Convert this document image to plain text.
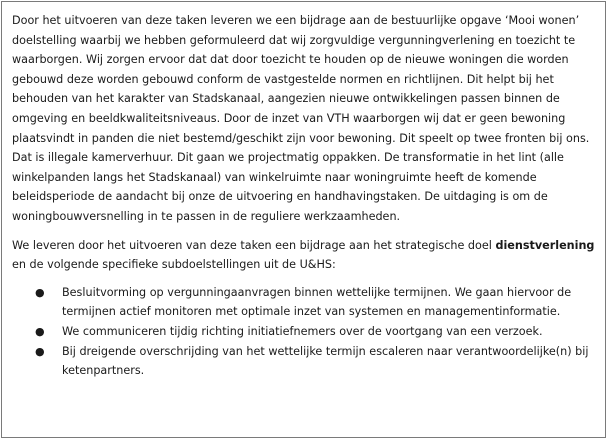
Door het uitvoeren van deze taken leveren we een bijdrage aan de bestuurlijke opgave ‘Mooi wonen’ doelstelling waarbij we hebben geformuleerd dat wij zorgvuldige vergunningverlening en toezicht te waarborgen. Wij zorgen ervoor dat dat door toezicht te houden op de nieuwe woningen die worden gebouwd deze worden gebouwd conform de vastgestelde normen en richtlijnen. Dit helpt bij het behouden van het karakter van Stadskanaal, aangezien nieuwe ontwikkelingen passen binnen de omgeving en beeldkwaliteitsniveaus. Door de inzet van VTH waarborgen wij dat er geen bewoning plaatsvindt in panden die niet bestemd/geschikt zijn voor bewoning. Dit speelt op twee fronten bij ons. Dat is illegale kamerverhuur. Dit gaan we projectmatig oppakken. De transformatie in het lint (alle winkelpanden langs het Stadskanaal) van winkelruimte naar woningruimte heeft de komende beleidsperiode de aandacht bij onze de uitvoering en handhavingstaken. De uitdaging is om de woningbouwversnelling in te passen in de reguliere werkzaamheden.

We leveren door het uitvoeren van deze taken een bijdrage aan het strategische doel dienstverlening en de volgende specifieke subdoelstellingen uit de U&HS:

● Besluitvorming op vergunningaanvragen binnen wettelijke termijnen. We gaan hiervoor de termijnen actief monitoren met optimale inzet van systemen en managementinformatie.
● We communiceren tijdig richting initiatiefnemers over de voortgang van een verzoek.
● Bij dreigende overschrijding van het wettelijke termijn escaleren naar verantwoordelijke(n) bij ketenpartners.
